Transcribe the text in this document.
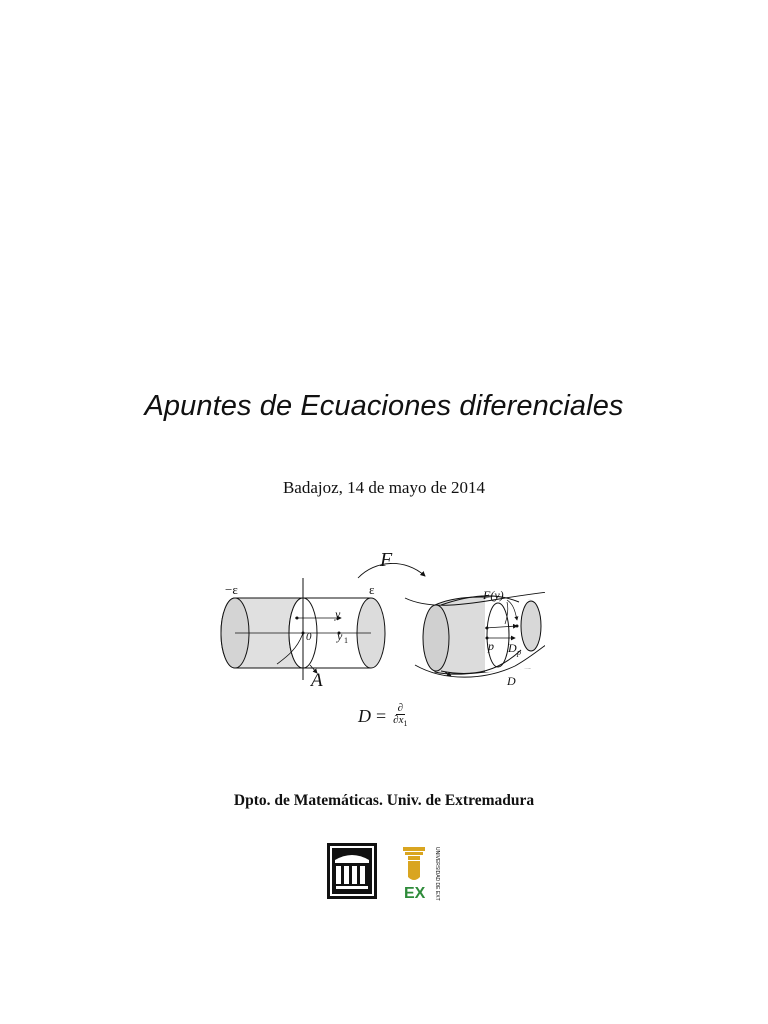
Apuntes de Ecuaciones diferenciales
Badajoz, 14 de mayo de 2014
F
−ε	ε
y
y 1
0
A
F(y)
p D p
D
$D = \frac{\partial}{\partial x_1}$
Dpto. de Matemáticas. Univ. de Extremadura
EX UNIVERSIDAD DE EXTREMADURA
